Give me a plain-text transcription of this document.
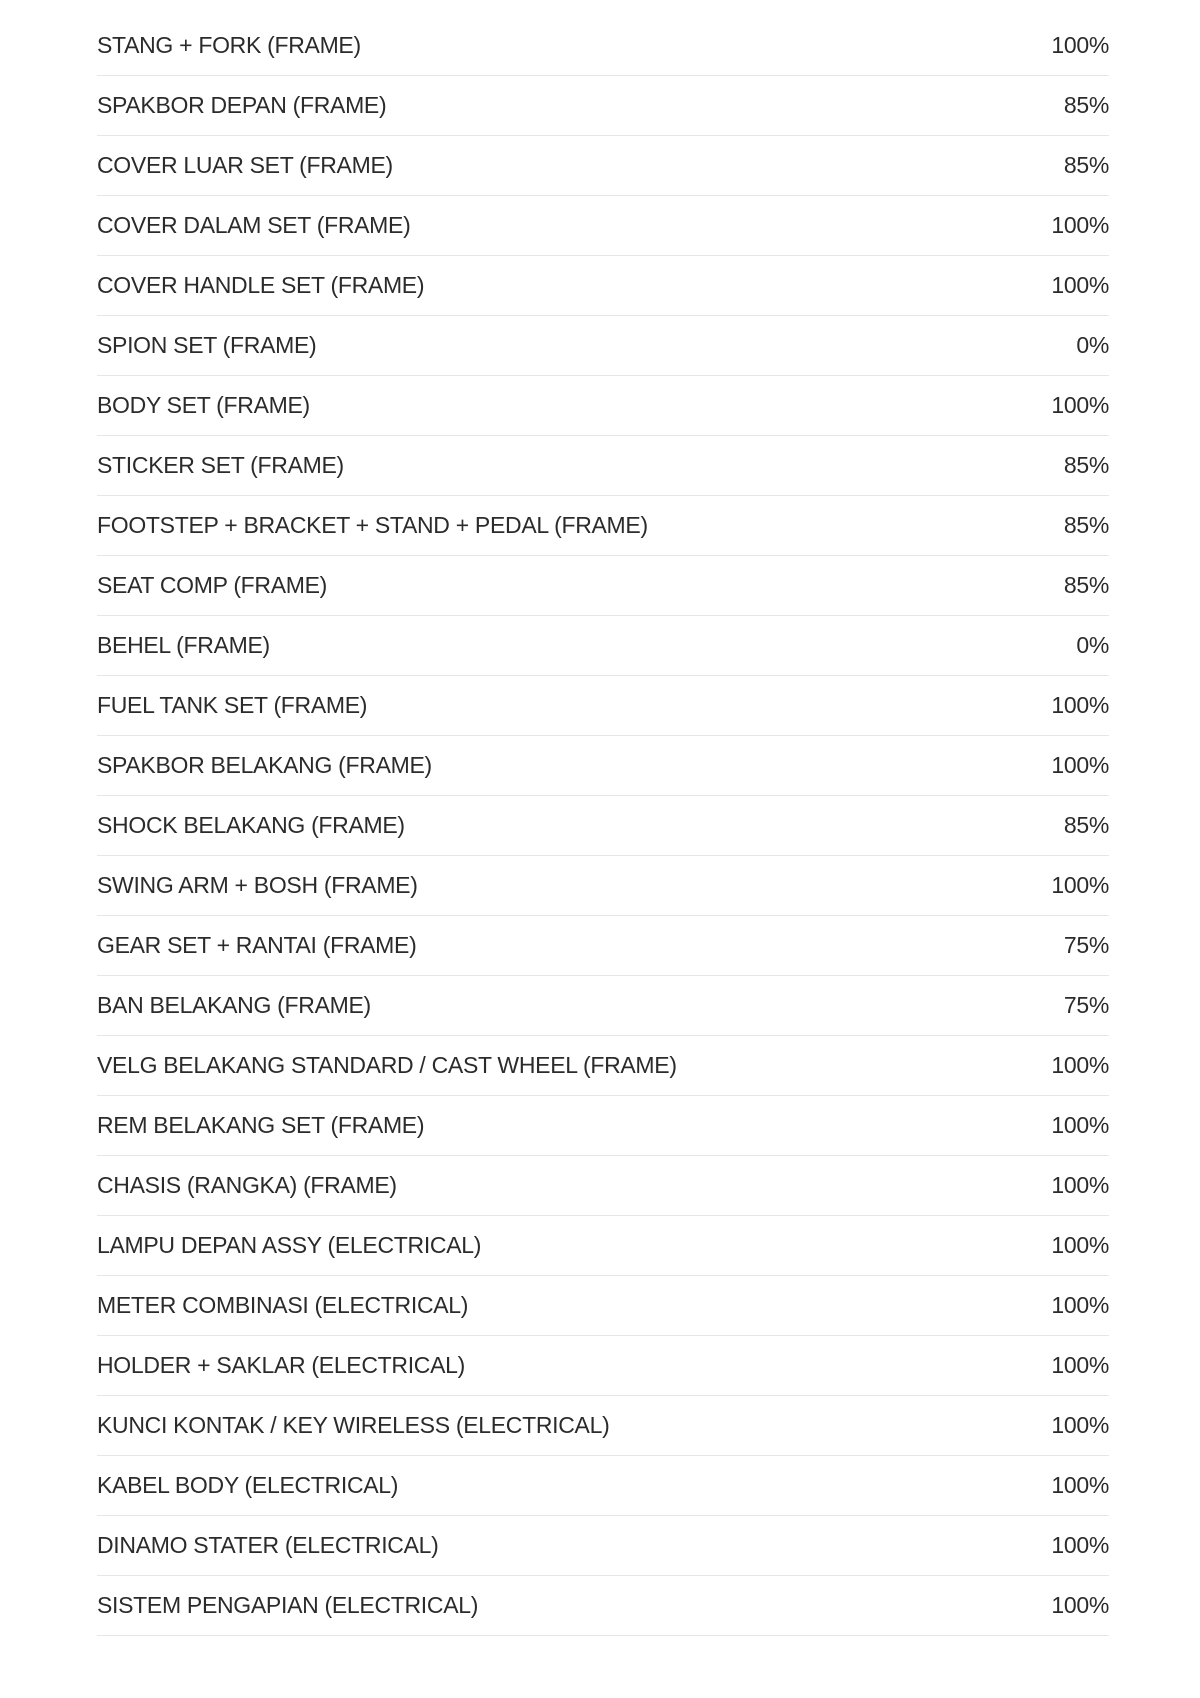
STANG + FORK (FRAME)	100%
SPAKBOR DEPAN (FRAME)	85%
COVER LUAR SET (FRAME)	85%
COVER DALAM SET (FRAME)	100%
COVER HANDLE SET (FRAME)	100%
SPION SET (FRAME)	0%
BODY SET (FRAME)	100%
STICKER SET (FRAME)	85%
FOOTSTEP + BRACKET + STAND + PEDAL (FRAME)	85%
SEAT COMP (FRAME)	85%
BEHEL (FRAME)	0%
FUEL TANK SET (FRAME)	100%
SPAKBOR BELAKANG (FRAME)	100%
SHOCK BELAKANG (FRAME)	85%
SWING ARM + BOSH (FRAME)	100%
GEAR SET + RANTAI (FRAME)	75%
BAN BELAKANG (FRAME)	75%
VELG BELAKANG STANDARD / CAST WHEEL (FRAME)	100%
REM BELAKANG SET (FRAME)	100%
CHASIS (RANGKA) (FRAME)	100%
LAMPU DEPAN ASSY (ELECTRICAL)	100%
METER COMBINASI (ELECTRICAL)	100%
HOLDER + SAKLAR (ELECTRICAL)	100%
KUNCI KONTAK / KEY WIRELESS (ELECTRICAL)	100%
KABEL BODY (ELECTRICAL)	100%
DINAMO STATER (ELECTRICAL)	100%
SISTEM PENGAPIAN (ELECTRICAL)	100%
